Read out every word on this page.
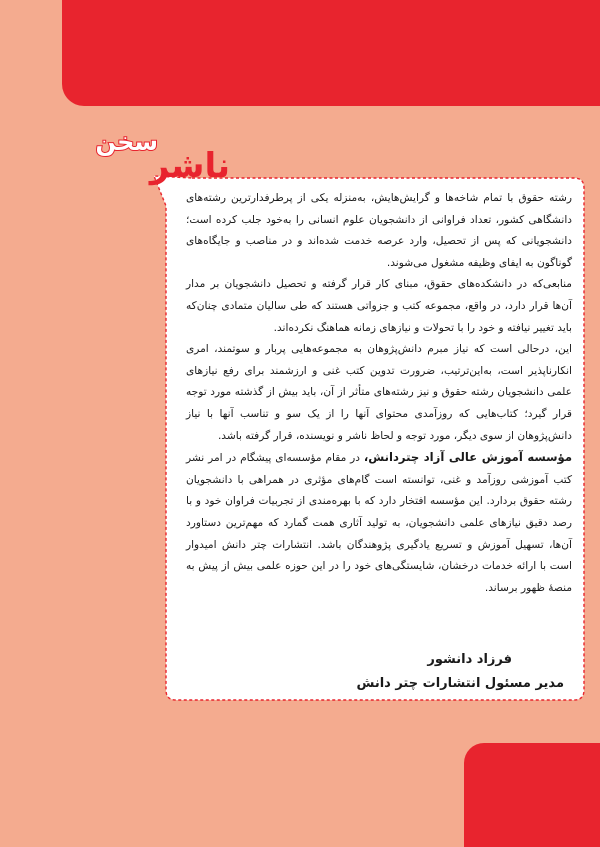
سخن
ناشر

رشته حقوق با تمام شاخه‌ها و گرایش‌هایش، به‌منزله یکی از پرطرفدارترین رشته‌های دانشگاهی کشور، تعداد فراوانی از دانشجویان علوم انسانی را به‌خود جلب کرده است؛ دانشجویانی که پس از تحصیل، وارد عرصه خدمت شده‌اند و در مناصب و جایگاه‌های گوناگون به ایفای وظیفه مشغول می‌شوند.

منابعی‌که در دانشکده‌های حقوق، مبنای کار قرار گرفته و تحصیل دانشجویان بر مدار آن‌ها قرار دارد، در واقع، مجموعه کتب و جزواتی هستند که طی سالیان متمادی چنان‌که باید تغییر نیافته و خود را با تحولات و نیازهای زمانه هماهنگ نکرده‌اند.

این، درحالی است که نیاز مبرم دانش‌پژوهان به مجموعه‌هایی پربار و سوتمند، امری انکارناپذیر است، به‌این‌ترتیب، ضرورت تدوین کتب غنی و ارزشمند برای رفع نیازهای علمی دانشجویان رشته حقوق و نیز رشته‌های متأثر از آن، باید بیش از گذشته مورد توجه قرار گیرد؛ کتاب‌هایی که روزآمدی محتوای آنها را از یک سو و تناسب آنها با نیاز دانش‌پژوهان از سوی دیگر، مورد توجه و لحاظ ناشر و نویسنده، قرار گرفته باشد.

مؤسسه آموزش عالی آزاد چتردانش، در مقام مؤسسه‌ای پیشگام در امر نشر کتب آموزشی روزآمد و غنی، توانسته است گام‌های مؤثری در همراهی با دانشجویان رشته حقوق بردارد. این مؤسسه افتخار دارد که با بهره‌مندی از تجربیات فراوان خود و با رصد دقیق نیازهای علمی دانشجویان، به تولید آثاری همت گمارد که مهم‌ترین دستاورد آن‌ها، تسهیل آموزش و تسریع یادگیری پژوهندگان باشد. انتشارات چتر دانش امیدوار است با ارائه خدمات درخشان، شایستگی‌های خود را در این حوزه علمی بیش از پیش به منصهٔ ظهور برساند.

فرزاد دانشور
مدیر مسئول انتشارات چتر دانش
